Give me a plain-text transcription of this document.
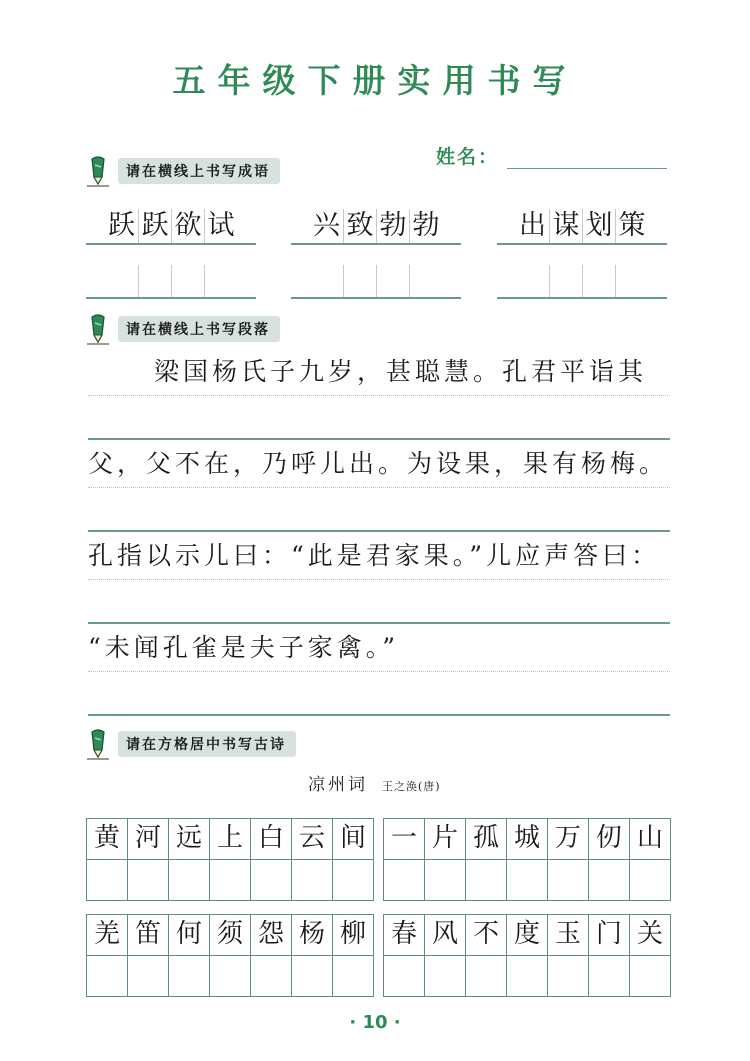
五年级下册实用书写
姓名：
请在横线上书写成语
跃 跃 欲 试	兴 致 勃 勃	出 谋 划 策
请在横线上书写段落
梁国杨氏子九岁，甚聪慧。孔君平诣其
父，父不在，乃呼儿出。为设果，果有杨梅。
孔指以示儿曰：“此是君家果。”儿应声答曰：
“未闻孔雀是夫子家禽。”
请在方格居中书写古诗
凉州词 王之涣(唐)
黄 河 远 上 白 云 间 一 片 孤 城 万 仞 山
羌 笛 何 须 怨 杨 柳 春 风 不 度 玉 门 关
· 10 ·
